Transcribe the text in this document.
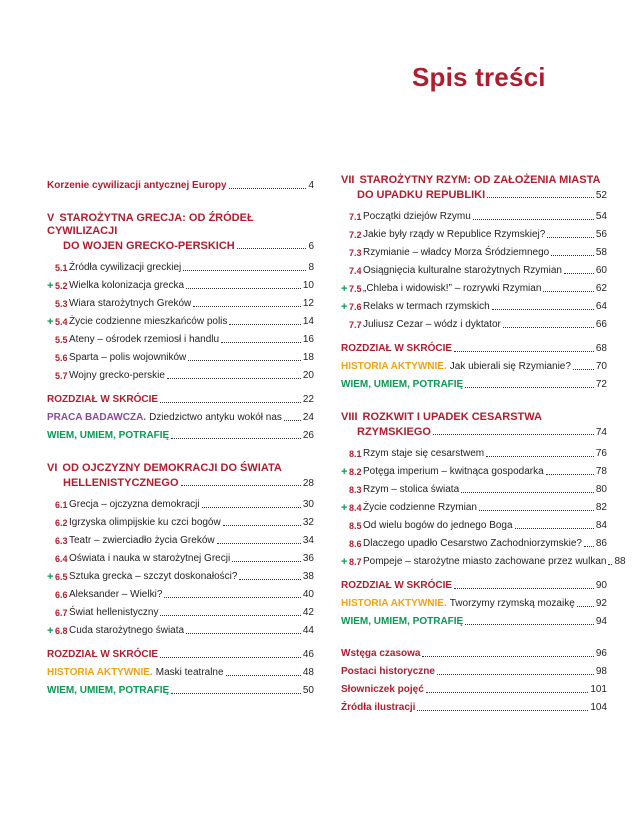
Spis treści
Korzenie cywilizacji antycznej Europy	4
V STAROŻYTNA GRECJA: OD ŹRÓDEŁ CYWILIZACJI
DO WOJEN GRECKO-PERSKICH	6
5.1 Źródła cywilizacji greckiej	8
+ 5.2 Wielka kolonizacja grecka	10
5.3 Wiara starożytnych Greków	12
+ 5.4 Życie codzienne mieszkańców polis	14
5.5 Ateny – ośrodek rzemiosł i handlu	16
5.6 Sparta – polis wojowników	18
5.7 Wojny grecko-perskie	20
ROZDZIAŁ W SKRÓCIE	22
PRACA BADAWCZA. Dziedzictwo antyku wokół nas 24
WIEM, UMIEM, POTRAFIĘ	26
VI OD OJCZYZNY DEMOKRACJI DO ŚWIATA
HELLENISTYCZNEGO	28
6.1 Grecja – ojczyzna demokracji	30
6.2 Igrzyska olimpijskie ku czci bogów	32
6.3 Teatr – zwierciadło życia Greków	34
6.4 Oświata i nauka w starożytnej Grecji	36
+ 6.5 Sztuka grecka – szczyt doskonałości?	38
6.6 Aleksander – Wielki?	40
6.7 Świat hellenistyczny	42
+ 6.8 Cuda starożytnego świata	44
ROZDZIAŁ W SKRÓCIE	46
HISTORIA AKTYWNIE. Maski teatralne	48
WIEM, UMIEM, POTRAFIĘ	50
VII STAROŻYTNY RZYM: OD ZAŁOŻENIA MIASTA
DO UPADKU REPUBLIKI	52
7.1 Początki dziejów Rzymu	54
7.2 Jakie były rządy w Republice Rzymskiej?	56
7.3 Rzymianie – władcy Morza Śródziemnego	58
7.4 Osiągnięcia kulturalne starożytnych Rzymian	60
+ 7.5 „Chleba i widowisk!” – rozrywki Rzymian	62
+ 7.6 Relaks w termach rzymskich	64
7.7 Juliusz Cezar – wódz i dyktator	66
ROZDZIAŁ W SKRÓCIE	68
HISTORIA AKTYWNIE. Jak ubierali się Rzymianie? 70
WIEM, UMIEM, POTRAFIĘ	72
VIII ROZKWIT I UPADEK CESARSTWA
RZYMSKIEGO	74
8.1 Rzym staje się cesarstwem	76
+ 8.2 Potęga imperium – kwitnąca gospodarka	78
8.3 Rzym – stolica świata	80
+ 8.4 Życie codzienne Rzymian	82
8.5 Od wielu bogów do jednego Boga	84
8.6 Dlaczego upadło Cesarstwo Zachodniorzymskie? 86
+ 8.7 Pompeje – starożytne miasto zachowane przez wulkan 88
ROZDZIAŁ W SKRÓCIE	90
HISTORIA AKTYWNIE. Tworzymy rzymską mozaikę 92
WIEM, UMIEM, POTRAFIĘ	94
Wstęga czasowa	96
Postaci historyczne	98
Słowniczek pojęć	101
Źródła ilustracji	104
